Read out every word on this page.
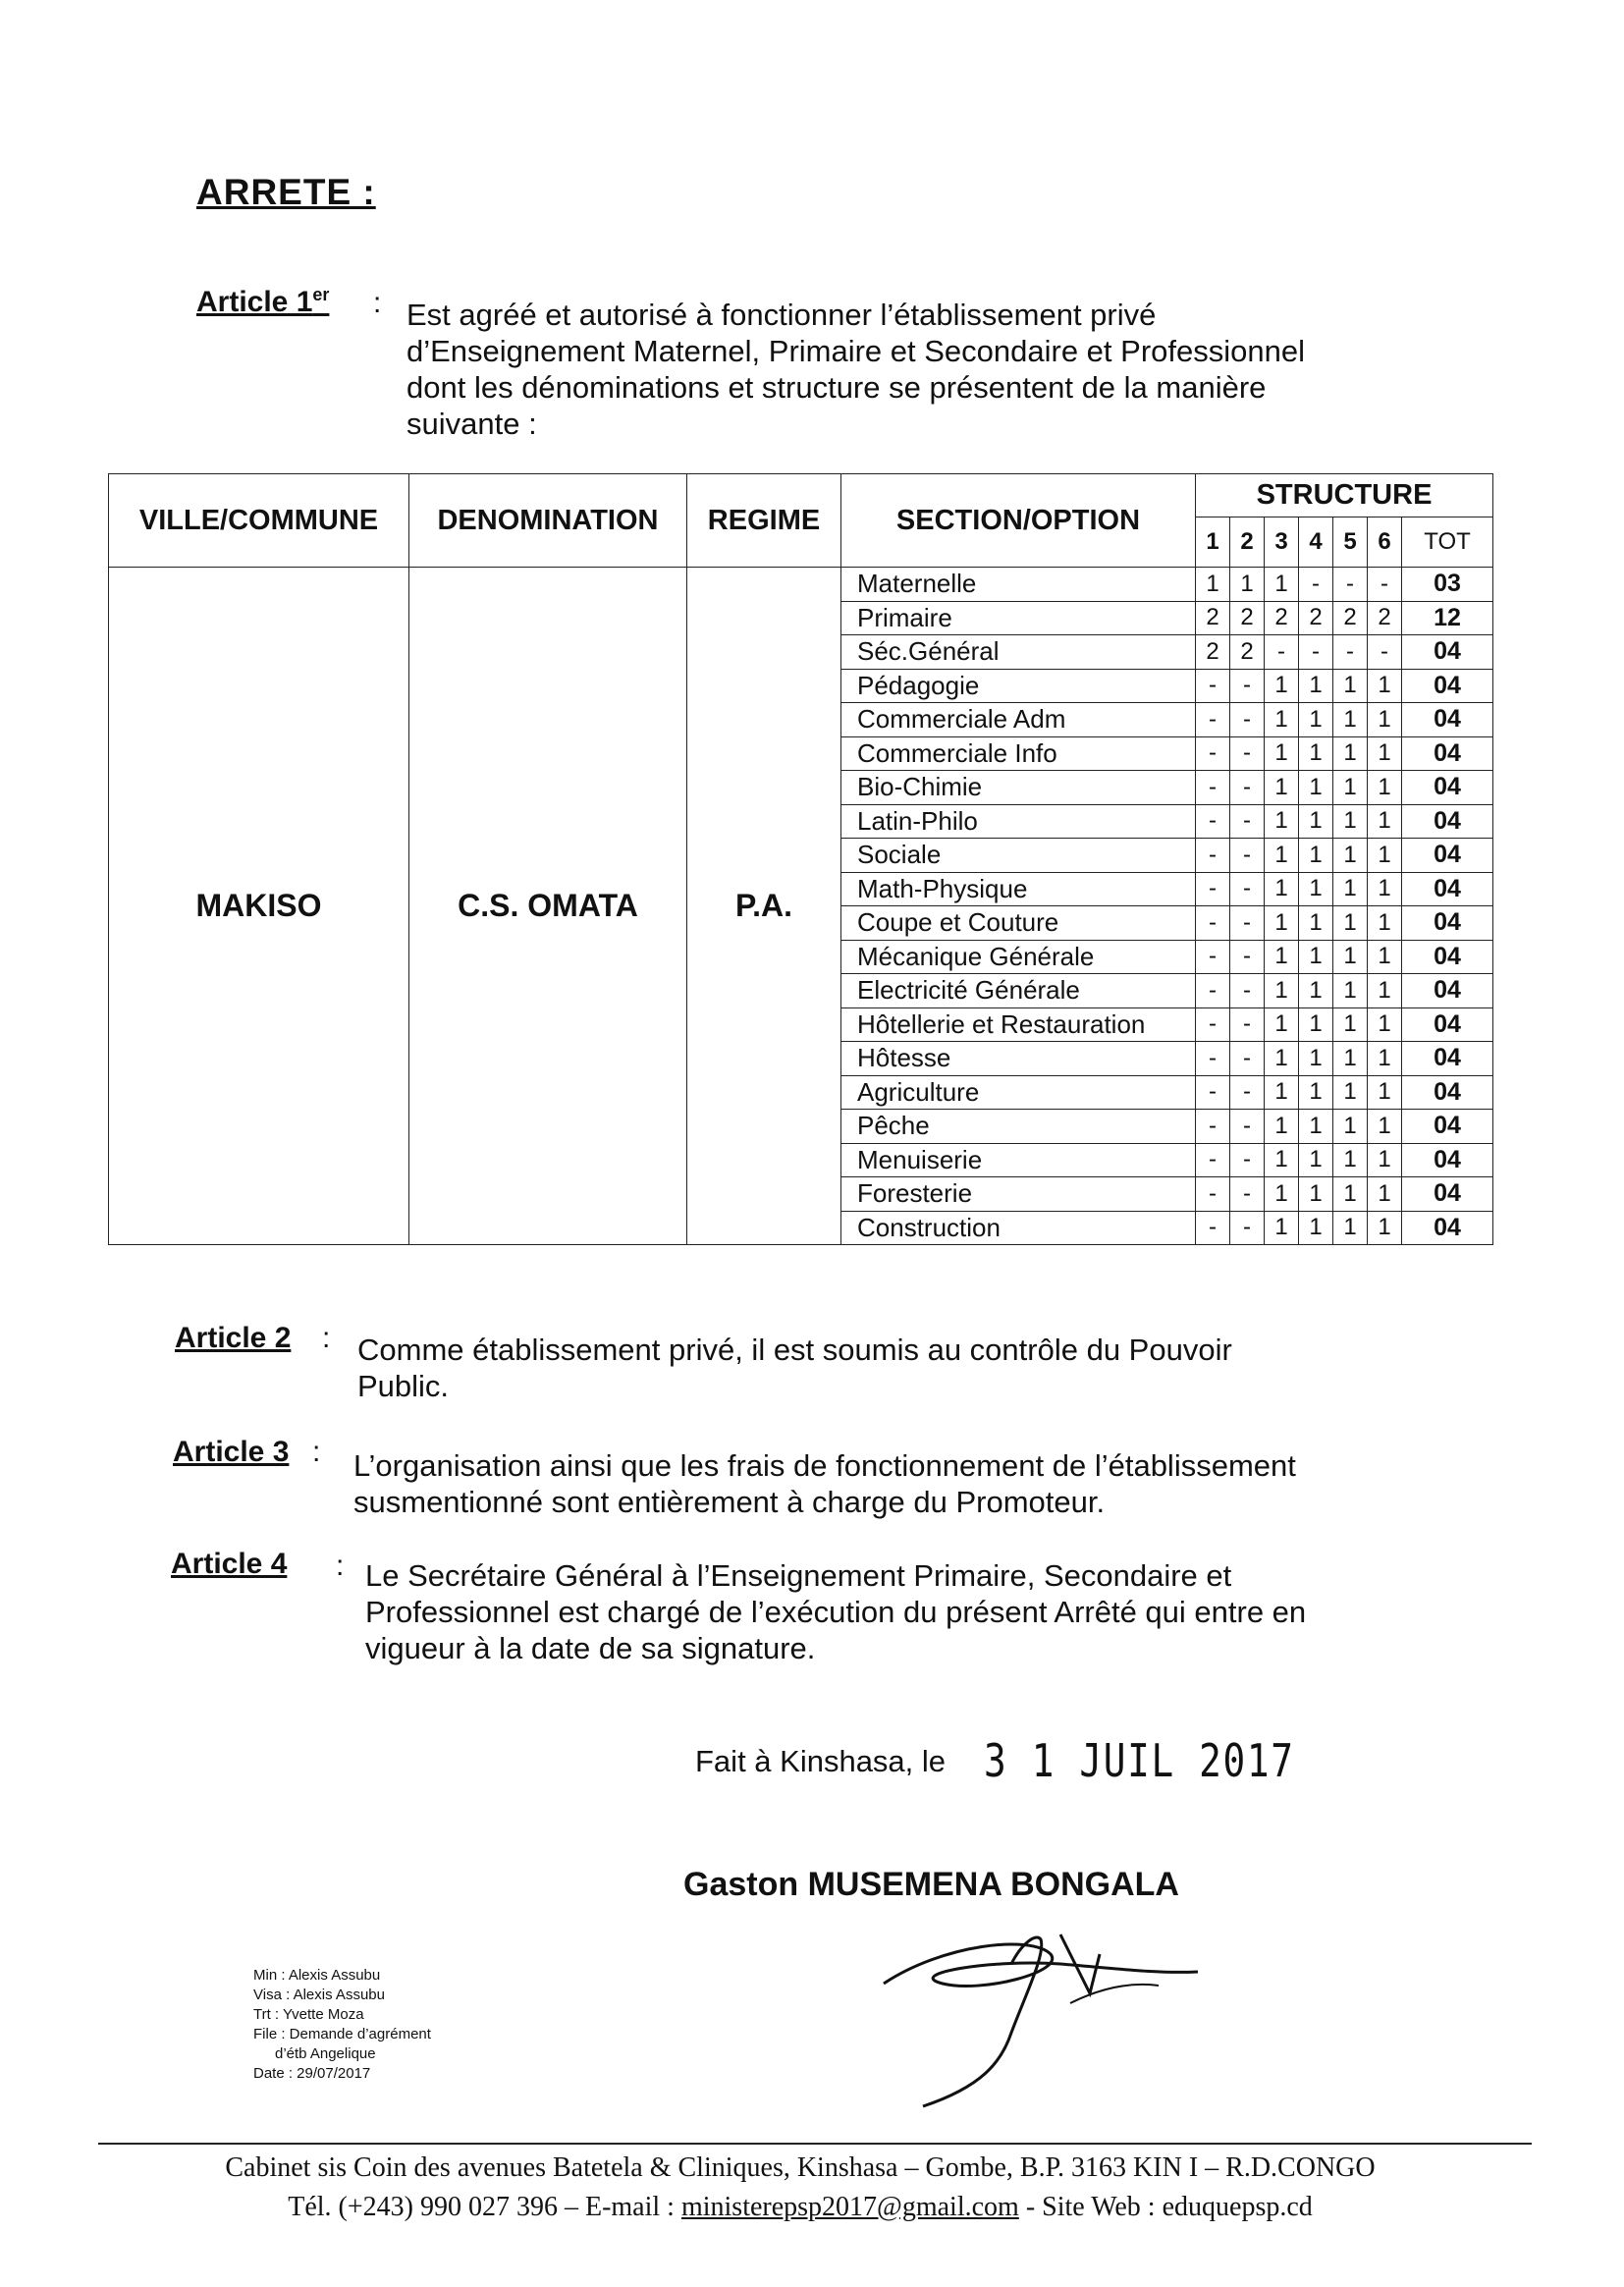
ARRETE :
Article 1er : Est agréé et autorisé à fonctionner l’établissement privé
d’Enseignement Maternel, Primaire et Secondaire et Professionnel
dont les dénominations et structure se présentent de la manière
suivante :
VILLE/COMMUNE	DENOMINATION	REGIME	SECTION/OPTION	STRUCTURE						
				1	2	3	4	5	6	TOT
MAKISO	C.S. OMATA	P.A.	Maternelle	1	1	1	-	-	-	03
			Primaire	2	2	2	2	2	2	12
			Séc.Général	2	2	-	-	-	-	04
			Pédagogie	-	-	1	1	1	1	04
			Commerciale Adm	-	-	1	1	1	1	04
			Commerciale Info	-	-	1	1	1	1	04
			Bio-Chimie	-	-	1	1	1	1	04
			Latin-Philo	-	-	1	1	1	1	04
			Sociale	-	-	1	1	1	1	04
			Math-Physique	-	-	1	1	1	1	04
			Coupe et Couture	-	-	1	1	1	1	04
			Mécanique Générale	-	-	1	1	1	1	04
			Electricité Générale	-	-	1	1	1	1	04
			Hôtellerie et Restauration	-	-	1	1	1	1	04
			Hôtesse	-	-	1	1	1	1	04
			Agriculture	-	-	1	1	1	1	04
			Pêche	-	-	1	1	1	1	04
			Menuiserie	-	-	1	1	1	1	04
			Foresterie	-	-	1	1	1	1	04
			Construction	-	-	1	1	1	1	04
Article 2 : Comme établissement privé, il est soumis au contrôle du Pouvoir
Public.
Article 3 : L’organisation ainsi que les frais de fonctionnement de l’établissement
susmentionné sont entièrement à charge du Promoteur.
Article 4 : Le Secrétaire Général à l’Enseignement Primaire, Secondaire et
Professionnel est chargé de l’exécution du présent Arrêté qui entre en
vigueur à la date de sa signature.
Fait à Kinshasa, le 3 1 JUIL 2017
Gaston MUSEMENA BONGALA
Min : Alexis Assubu
Visa : Alexis Assubu
Trt : Yvette Moza
File : Demande d’agrément
d’étb Angelique
Date : 29/07/2017
Cabinet sis Coin des avenues Batetela & Cliniques, Kinshasa – Gombe, B.P. 3163 KIN I – R.D.CONGO
Tél. (+243) 990 027 396 – E-mail : ministerepsp2017@gmail.com - Site Web : eduquepsp.cd
